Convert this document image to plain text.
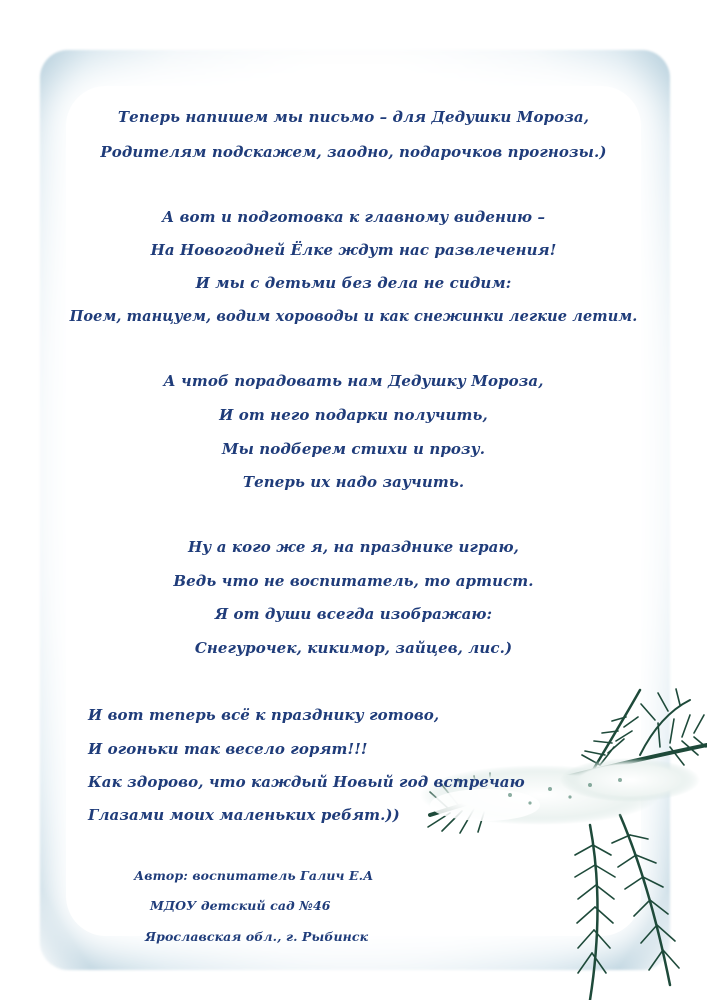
Теперь напишем мы письмо – для Дедушки Мороза,
Родителям подскажем, заодно, подарочков прогнозы.)
А вот и подготовка к главному видению –
На Новогодней Ёлке ждут нас развлечения!
И мы с детьми без дела не сидим:
Поем, танцуем, водим хороводы и как снежинки легкие летим.
А чтоб порадовать нам Дедушку Мороза,
И от него подарки получить,
Мы подберем стихи и прозу.
Теперь их надо заучить.
Ну а кого же я, на празднике играю,
Ведь что не воспитатель, то артист.
Я от души всегда изображаю:
Снегурочек, кикимор, зайцев, лис.)
И вот теперь всё к празднику готово,
И огоньки так весело горят!!!
Как здорово, что каждый Новый год встречаю
Глазами моих маленьких ребят.))
Автор: воспитатель Галич Е.А
МДОУ детский сад №46
Ярославская обл., г. Рыбинск
